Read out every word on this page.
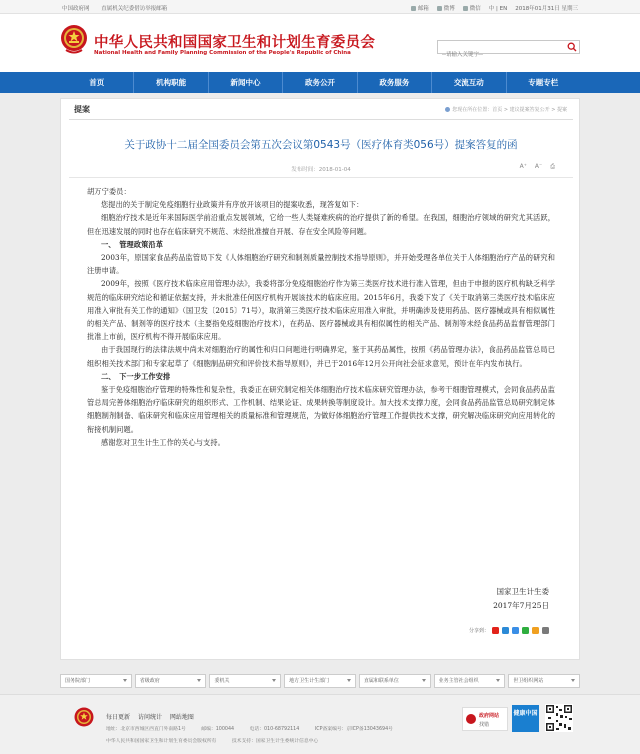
中国政府网 直属机关纪委借访举报邮箱	邮箱	微博	微信 中 | EN 2018年01月31日 星期三
中华人民共和国国家卫生和计划生育委员会
National Health and Family Planning Commission of the People's Republic of China
--请输入关键字--
首页	机构职能	新闻中心	政务公开	政务服务	交流互动	专题专栏
提案	您现在所在位置：首页 > 建议提案答复公开 > 提案
关于政协十二届全国委员会第五次会议第0543号（医疗体育类056号）提案答复的函
发布时间：2018-01-04	A⁺ A⁻ ⎙

胡万宁委员：

您提出的关于制定免疫细胞行业政策并有序放开该项目的提案收悉，现答复如下：

细胞治疗技术是近年来国际医学前沿重点发展领域，它给一些人类疑难疾病的治疗提供了新的希望。在我国，细胞治疗领域的研究尤其活跃，但在迅速发展的同时也存在临床研究不规范、未经批准擅自开展、存在安全风险等问题。

一、　管理政策沿革

2003年，原国家食品药品监管局下发《人体细胞治疗研究和制剂质量控制技术指导原则》，并开始受理各单位关于人体细胞治疗产品的研究和注册申请。

2009年，按照《医疗技术临床应用管理办法》，我委将部分免疫细胞治疗作为第三类医疗技术进行准入管理，但由于申报的医疗机构缺乏科学规范的临床研究结论和循证依据支持，并未批准任何医疗机构开展该技术的临床应用。2015年6月，我委下发了《关于取消第三类医疗技术临床应用准入审批有关工作的通知》（国卫发〔2015〕71号），取消第三类医疗技术临床应用准入审批，并明确涉及使用药品、医疗器械或具有相似属性的相关产品、制剂等的医疗技术（主要指免疫细胞治疗技术），在药品、医疗器械或具有相似属性的相关产品、制剂等未经食品药品监督管理部门批准上市前，医疗机构不得开展临床应用。

由于我国现行的法律法规中尚未对细胞治疗的属性和归口问题进行明确界定，鉴于其药品属性，按照《药品管理办法》，食品药品监管总局已组织相关技术部门和专家起草了《细胞制品研究和评价技术指导原则》，并已于2016年12月公开向社会征求意见，预计在年内发布执行。

二、　下一步工作安排

鉴于免疫细胞治疗管理的特殊性和复杂性，我委正在研究制定相关体细胞治疗技术临床研究管理办法，参考干细胞管理模式，会同食品药品监管总局完善体细胞治疗临床研究的组织形式、工作机制、结果论证、成果转换等制度设计。加大技术支撑力度，会同食品药品监管总局研究制定体细胞制剂制备、临床研究和临床应用管理相关的质量标准和管理规范，为做好体细胞治疗管理工作提供技术支撑，研究解决临床研究向应用转化的衔接机制问题。

感谢您对卫生计生工作的关心与支持。

国家卫生计生委
2017年7月25日
分享到：
国务院部门	省级政府	委机关	地方卫生计生部门	直属和联系单位	业务主管社会组织	世卫组织网站
每日更新 访问统计 网站地图
地址：北京市西城区西直门外南路1号	邮编：100044	电话：010-68792114	ICP备案编号：京ICP备13043694号
中华人民共和国国家卫生和计划生育委员会版权所有	技术支持：国家卫生计生委统计信息中心
政府网站
找错
健康中国
